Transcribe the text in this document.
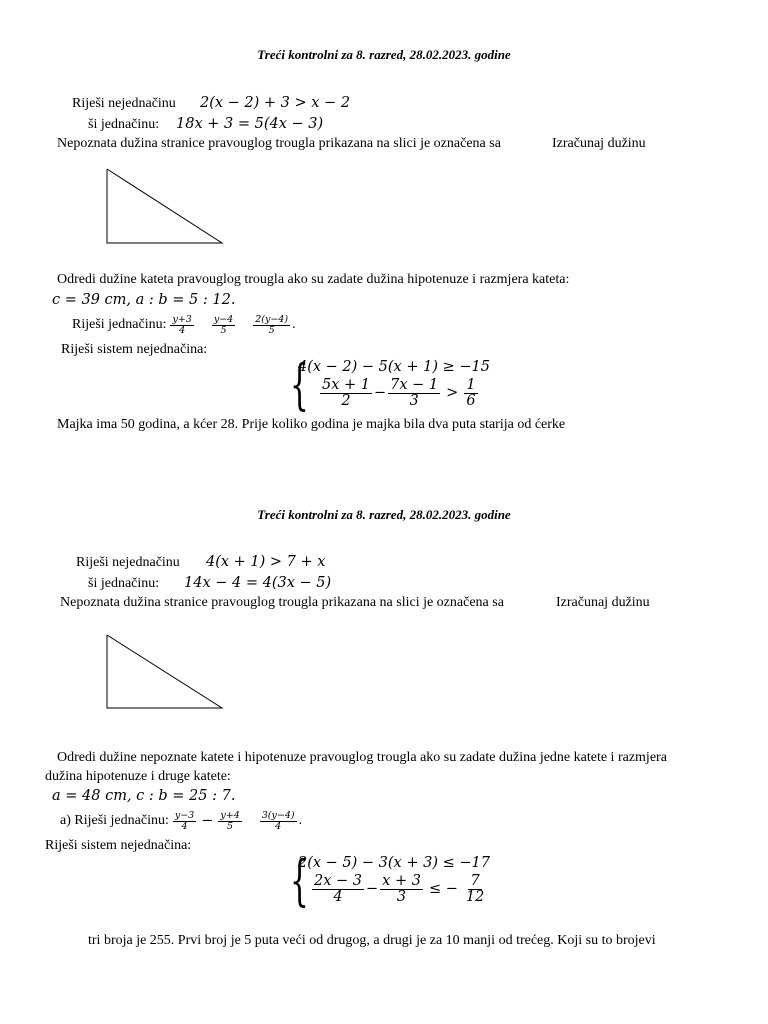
Treći kontrolni za 8. razred, 28.02.2023. godine
Riješi nejednačinu 2(x − 2) + 3 > x − 2
ši jednačinu: 18x + 3 = 5(4x − 3)
Nepoznata dužina stranice pravouglog trougla prikazana na slici je označena sa	Izračunaj dužinu
Odredi dužine kateta pravouglog trougla ako su zadate dužina hipotenuze i razmjera kateta:
c = 39 cm, a : b = 5 : 12.
Riješi jednačinu: $\frac{y+3}{4} \frac{y-4}{5} \frac{2(y-4)}{5}$ .
Riješi sistem nejednačina:
{
4(x − 2) − 5(x + 1) ≥ −15
$\frac{5x + 1}{2} - \frac{7x - 1}{3} > \frac{1}{6}$
Majka ima 50 godina, a kćer 28. Prije koliko godina je majka bila dva puta starija od ćerke
Treći kontrolni za 8. razred, 28.02.2023. godine
Riješi nejednačinu 4(x + 1) > 7 + x
ši jednačinu: 14x − 4 = 4(3x − 5)
Nepoznata dužina stranice pravouglog trougla prikazana na slici je označena sa	Izračunaj dužinu
Odredi dužine nepoznate katete i hipotenuze pravouglog trougla ako su zadate dužina jedne katete i razmjera
dužina hipotenuze i druge katete:
a = 48 cm, c : b = 25 : 7.
a) Riješi jednačinu: $\frac{y-3}{4} - \frac{y+4}{5} \frac{3(y-4)}{4}$ .
Riješi sistem nejednačina:
{
2(x − 5) − 3(x + 3) ≤ −17
$\frac{2x - 3}{4} - \frac{x + 3}{3}$ ≤ − $\frac{7}{12}$
tri broja je 255. Prvi broj je 5 puta veći od drugog, a drugi je za 10 manji od trećeg. Koji su to brojevi
